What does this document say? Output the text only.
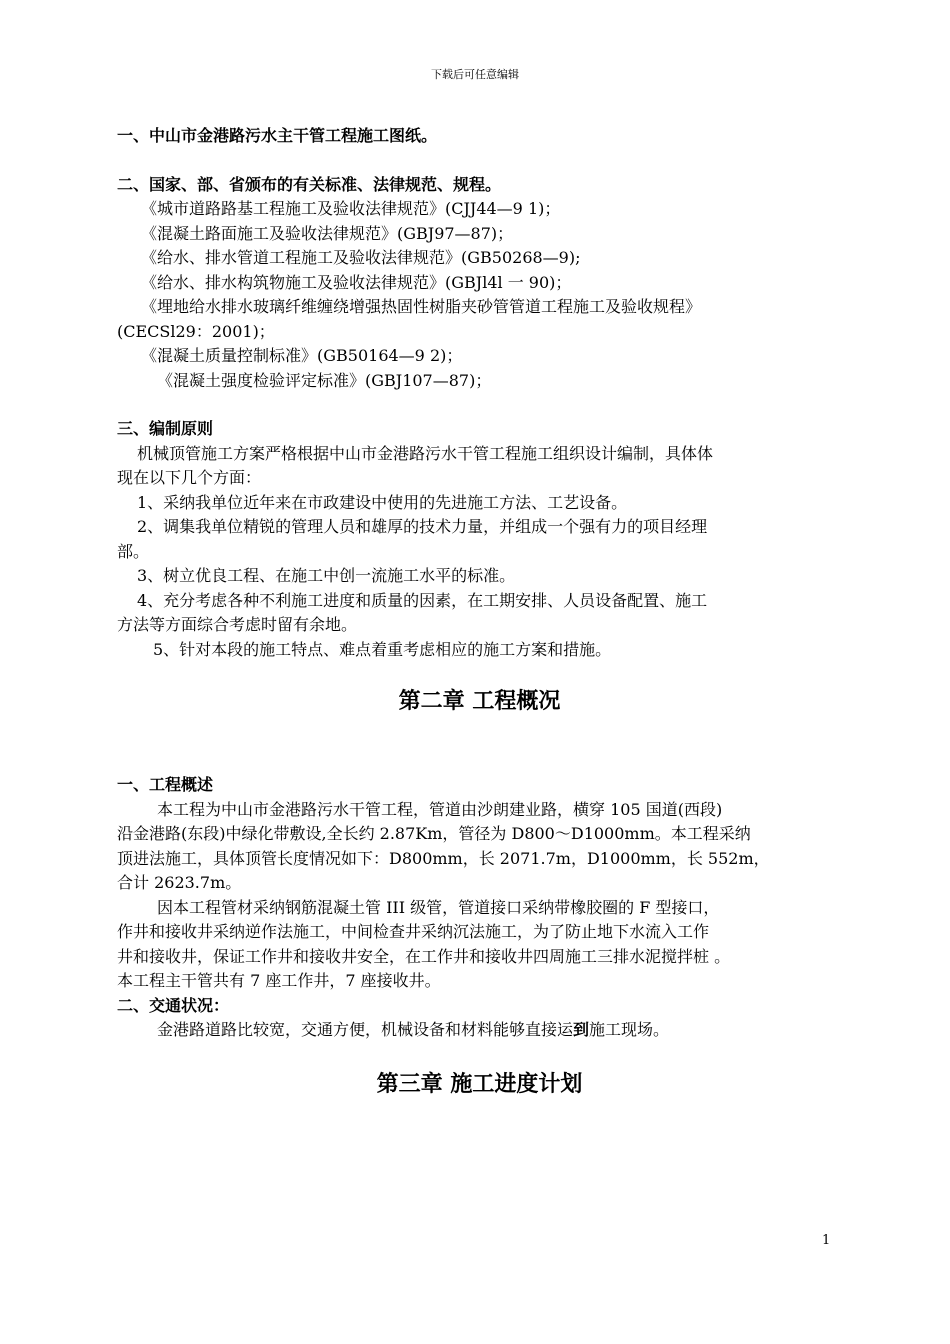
下载后可任意编辑
一、中山市金港路污水主干管工程施工图纸。
二、国家、部、省颁布的有关标准、法律规范、规程。
《城市道路路基工程施工及验收法律规范》(CJJ44—9 1)；
《混凝土路面施工及验收法律规范》(GBJ97—87)；
《给水、排水管道工程施工及验收法律规范》(GB50268—9);
《给水、排水构筑物施工及验收法律规范》(GBJl4l 一 90)；
《埋地给水排水玻璃纤维缠绕增强热固性树脂夹砂管管道工程施工及验收规程》
(CECSl29：2001)；
《混凝土质量控制标准》(GB50164—9 2)；
《混凝土强度检验评定标准》(GBJ107—87)；
三、编制原则
机械顶管施工方案严格根据中山市金港路污水干管工程施工组织设计编制，具体体
现在以下几个方面：
1、采纳我单位近年来在市政建设中使用的先进施工方法、工艺设备。
2、调集我单位精锐的管理人员和雄厚的技术力量，并组成一个强有力的项目经理
部。
3、树立优良工程、在施工中创一流施工水平的标准。
4、充分考虑各种不利施工进度和质量的因素，在工期安排、人员设备配置、施工
方法等方面综合考虑时留有余地。
5、针对本段的施工特点、难点着重考虑相应的施工方案和措施。
第二章 工程概况
一、工程概述
本工程为中山市金港路污水干管工程，管道由沙朗建业路，横穿 105 国道(西段)
沿金港路(东段)中绿化带敷设,全长约 2.87Km，管径为 D800～D1000mm。本工程采纳
顶进法施工，具体顶管长度情况如下：D800mm，长 2071.7m，D1000mm，长 552m，
合计 2623.7m。
因本工程管材采纳钢筋混凝土管 III 级管，管道接口采纳带橡胶圈的 F 型接口，
作井和接收井采纳逆作法施工，中间检查井采纳沉法施工，为了防止地下水流入工作
井和接收井，保证工作井和接收井安全，在工作井和接收井四周施工三排水泥搅拌桩 。
本工程主干管共有 7 座工作井，7 座接收井。
二、交通状况：
金港路道路比较宽，交通方便，机械设备和材料能够直接运到施工现场。
第三章 施工进度计划
1
